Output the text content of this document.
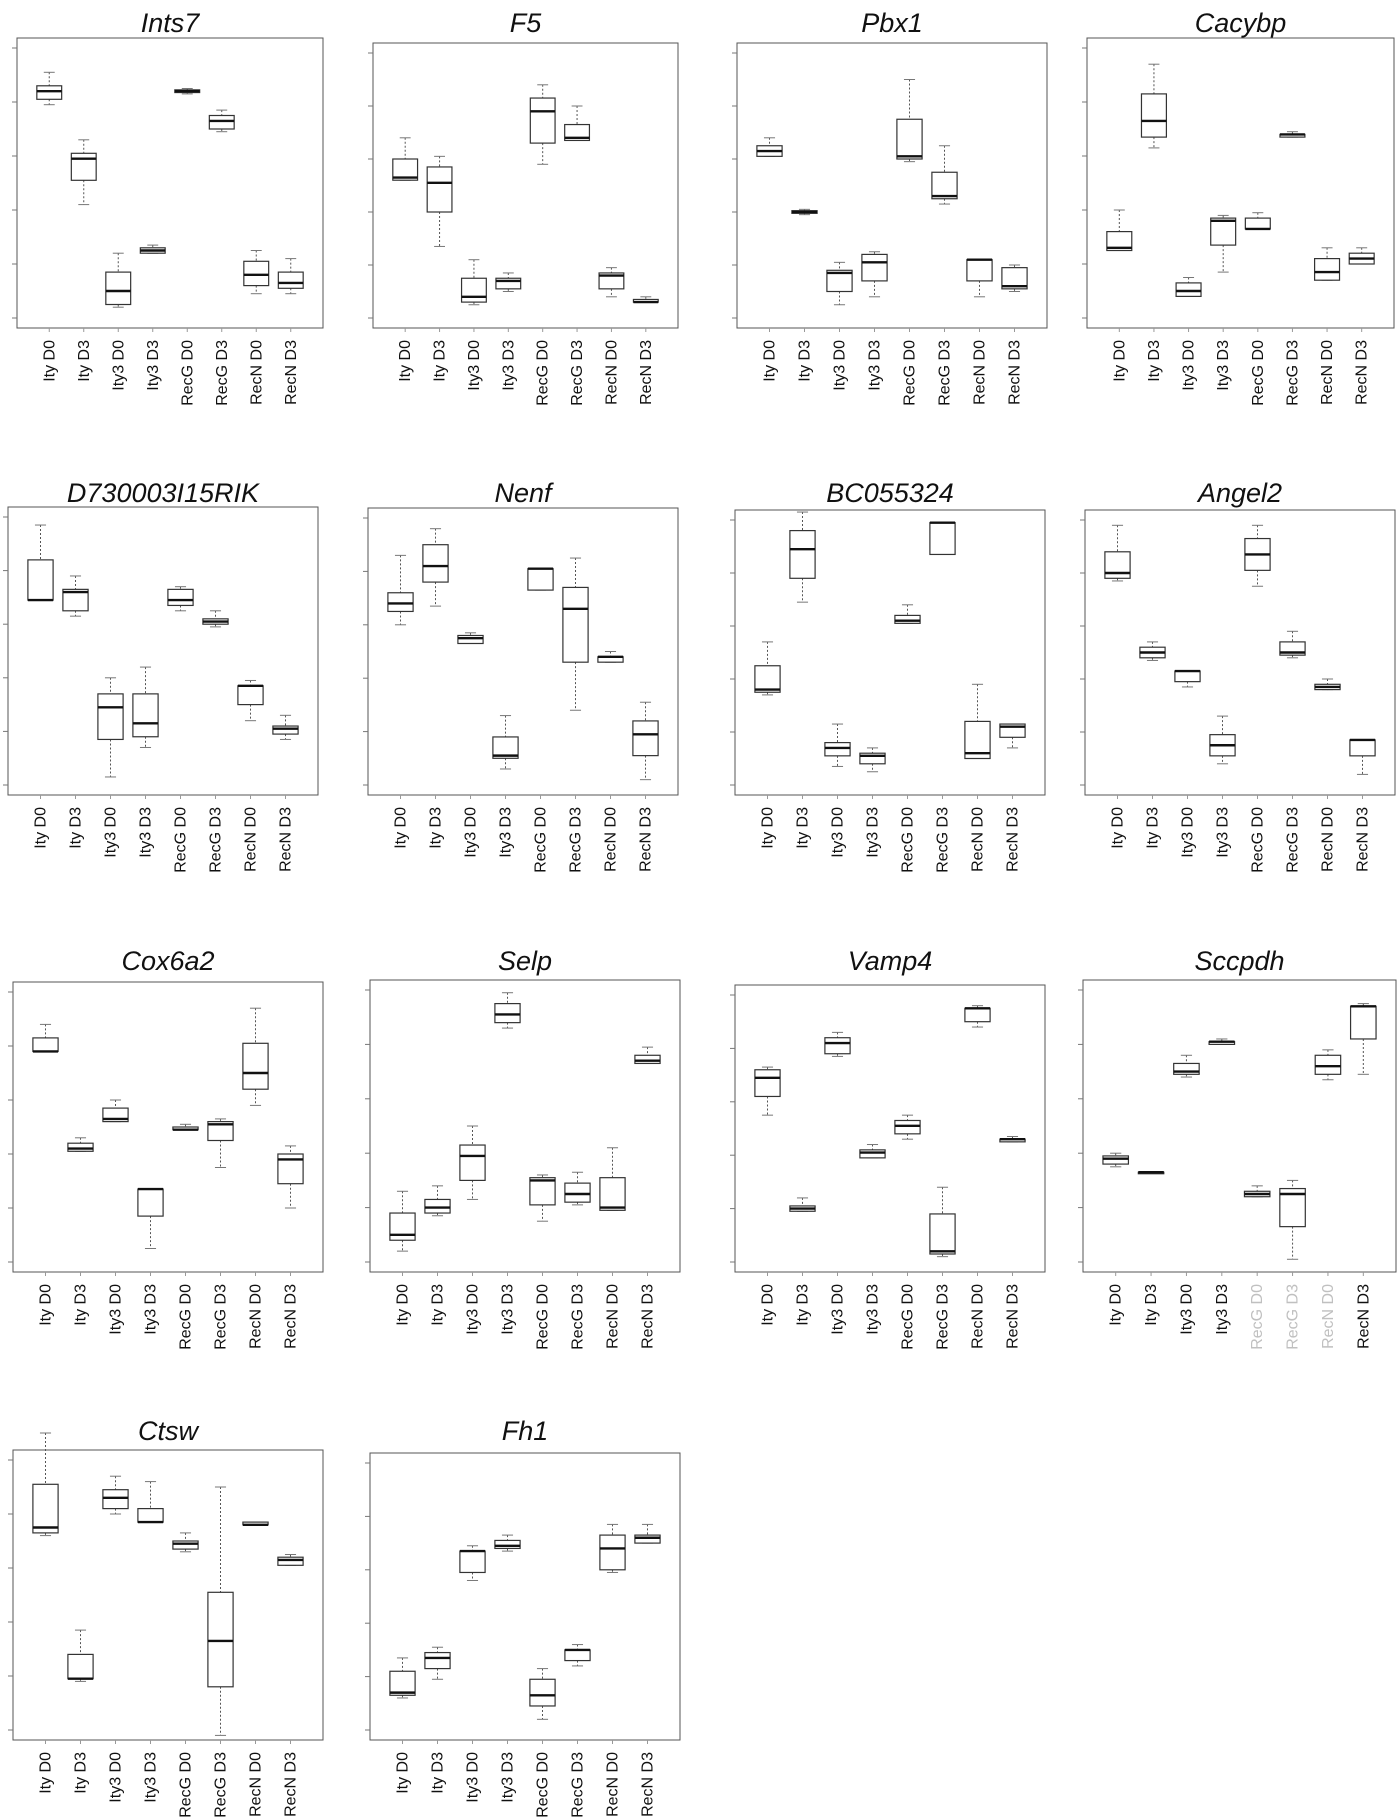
Ints7
Ity D0 Ity D3 Ity3 D0 Ity3 D3 RecG D0 RecG D3 RecN D0 RecN D3
F5
Ity D0 Ity D3 Ity3 D0 Ity3 D3 RecG D0 RecG D3 RecN D0 RecN D3
Pbx1
Ity D0 Ity D3 Ity3 D0 Ity3 D3 RecG D0 RecG D3 RecN D0 RecN D3
Cacybp
Ity D0 Ity D3 Ity3 D0 Ity3 D3 RecG D0 RecG D3 RecN D0 RecN D3
D730003I15RIK
Ity D0 Ity D3 Ity3 D0 Ity3 D3 RecG D0 RecG D3 RecN D0 RecN D3
Nenf
Ity D0 Ity D3 Ity3 D0 Ity3 D3 RecG D0 RecG D3 RecN D0 RecN D3
BC055324
Ity D0 Ity D3 Ity3 D0 Ity3 D3 RecG D0 RecG D3 RecN D0 RecN D3
Angel2
Ity D0 Ity D3 Ity3 D0 Ity3 D3 RecG D0 RecG D3 RecN D0 RecN D3
Cox6a2
Ity D0 Ity D3 Ity3 D0 Ity3 D3 RecG D0 RecG D3 RecN D0 RecN D3
Selp
Ity D0 Ity D3 Ity3 D0 Ity3 D3 RecG D0 RecG D3 RecN D0 RecN D3
Vamp4
Ity D0 Ity D3 Ity3 D0 Ity3 D3 RecG D0 RecG D3 RecN D0 RecN D3
Sccpdh
Ity D0 Ity D3 Ity3 D0 Ity3 D3 RecG D0 RecG D3 RecN D0 RecN D3
Ctsw
Ity D0 Ity D3 Ity3 D0 Ity3 D3 RecG D0 RecG D3 RecN D0 RecN D3
Fh1
Ity D0 Ity D3 Ity3 D0 Ity3 D3 RecG D0 RecG D3 RecN D0 RecN D3
